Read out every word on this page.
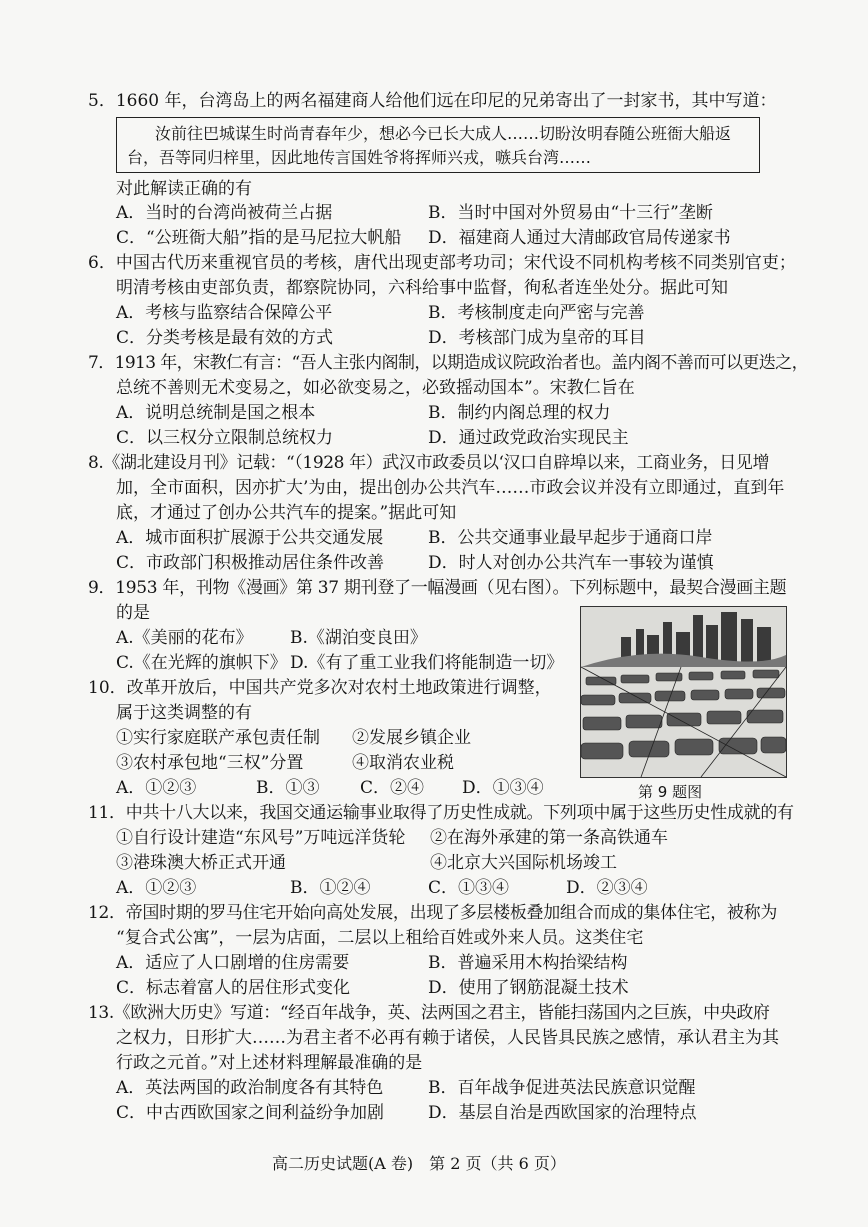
5．1660 年，台湾岛上的两名福建商人给他们远在印尼的兄弟寄出了一封家书，其中写道：
汝前往巴城谋生时尚青春年少，想必今已长大成人……切盼汝明春随公班衙大船返
台，吾等同归梓里，因此地传言国姓爷将挥师兴戎，嗾兵台湾……
对此解读正确的有
A．当时的台湾尚被荷兰占据	B．当时中国对外贸易由“十三行”垄断
C．“公班衙大船”指的是马尼拉大帆船 D．福建商人通过大清邮政官局传递家书
6．中国古代历来重视官员的考核，唐代出现吏部考功司；宋代设不同机构考核不同类别官吏；
明清考核由吏部负责，都察院协同，六科给事中监督，徇私者连坐处分。据此可知
A．考核与监察结合保障公平	B．考核制度走向严密与完善
C．分类考核是最有效的方式	D．考核部门成为皇帝的耳目
7．1913 年，宋教仁有言：“吾人主张内阁制，以期造成议院政治者也。盖内阁不善而可以更迭之，
总统不善则无术变易之，如必欲变易之，必致摇动国本”。宋教仁旨在
A．说明总统制是国之根本	B．制约内阁总理的权力
C．以三权分立限制总统权力	D．通过政党政治实现民主
8.《湖北建设月刊》记载：“（1928 年）武汉市政委员以‘汉口自辟埠以来，工商业务，日见增
加，全市面积，因亦扩大’为由，提出创办公共汽车……市政会议并没有立即通过，直到年
底，才通过了创办公共汽车的提案。”据此可知
A．城市面积扩展源于公共交通发展	B．公共交通事业最早起步于通商口岸
C．市政部门积极推动居住条件改善	D．时人对创办公共汽车一事较为谨慎
9．1953 年，刊物《漫画》第 37 期刊登了一幅漫画（见右图）。下列标题中，最契合漫画主题
的是
A.《美丽的花布》 B.《湖泊变良田》
C.《在光辉的旗帜下》 D.《有了重工业我们将能制造一切》
第 9 题图
10．改革开放后，中国共产党多次对农村土地政策进行调整，
属于这类调整的有
①实行家庭联产承包责任制 ②发展乡镇企业
③农村承包地“三权”分置	④取消农业税
A．①②③	B．①③ C．②④ D．①③④
11．中共十八大以来，我国交通运输事业取得了历史性成就。下列项中属于这些历史性成就的有
①自行设计建造“东风号”万吨远洋货轮 ②在海外承建的第一条高铁通车
③港珠澳大桥正式开通	④北京大兴国际机场竣工
A．①②③	B．①②④	C．①③④	D．②③④
12．帝国时期的罗马住宅开始向高处发展，出现了多层楼板叠加组合而成的集体住宅，被称为
“复合式公寓”，一层为店面，二层以上租给百姓或外来人员。这类住宅
A．适应了人口剧增的住房需要	B．普遍采用木构抬梁结构
C．标志着富人的居住形式变化	D．使用了钢筋混凝土技术
13.《欧洲大历史》写道：“经百年战争，英、法两国之君主，皆能扫荡国内之巨族，中央政府
之权力，日形扩大……为君主者不必再有赖于诸侯，人民皆具民族之感情，承认君主为其
行政之元首。”对上述材料理解最准确的是
A．英法两国的政治制度各有其特色	B．百年战争促进英法民族意识觉醒
C．中古西欧国家之间利益纷争加剧	D．基层自治是西欧国家的治理特点
高二历史试题(A 卷)　第 2 页（共 6 页）
